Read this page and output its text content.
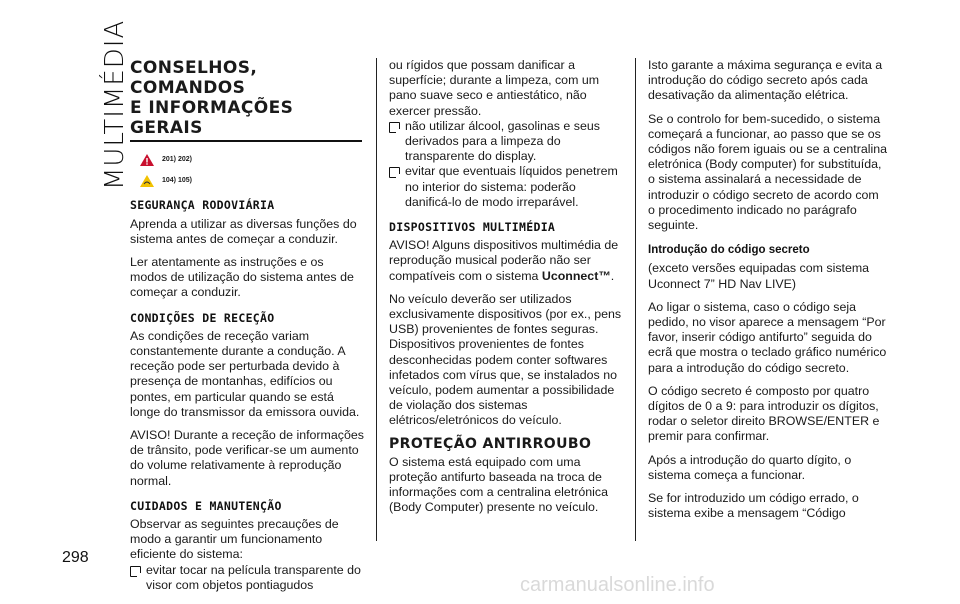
MULTIMÉDIA
298
CONSELHOS, COMANDOS
E INFORMAÇÕES GERAIS
201) 202)
104) 105)
SEGURANÇA RODOVIÁRIA

Aprenda a utilizar as diversas funções do sistema antes de começar a conduzir.

Ler atentamente as instruções e os modos de utilização do sistema antes de começar a conduzir.

CONDIÇÕES DE RECEÇÃO

As condições de receção variam constantemente durante a condução. A receção pode ser perturbada devido à presença de montanhas, edifícios ou pontes, em particular quando se está longe do transmissor da emissora ouvida.

AVISO! Durante a receção de informações de trânsito, pode verificar-se um aumento do volume relativamente à reprodução normal.

CUIDADOS E MANUTENÇÃO

Observar as seguintes precauções de modo a garantir um funcionamento eficiente do sistema:

evitar tocar na película transparente do visor com objetos pontiagudos

ou rígidos que possam danificar a superfície; durante a limpeza, com um pano suave seco e antiestático, não exercer pressão.

não utilizar álcool, gasolinas e seus derivados para a limpeza do transparente do display.
evitar que eventuais líquidos penetrem no interior do sistema: poderão danificá-lo de modo irreparável.
DISPOSITIVOS MULTIMÉDIA

AVISO! Alguns dispositivos multimédia de reprodução musical poderão não ser compatíveis com o sistema Uconnect™.

No veículo deverão ser utilizados exclusivamente dispositivos (por ex., pens USB) provenientes de fontes seguras. Dispositivos provenientes de fontes desconhecidas podem conter softwares infetados com vírus que, se instalados no veículo, podem aumentar a possibilidade de violação dos sistemas elétricos/eletrónicos do veículo.

PROTEÇÃO ANTIRROUBO

O sistema está equipado com uma proteção antifurto baseada na troca de informações com a centralina eletrónica (Body Computer) presente no veículo.

Isto garante a máxima segurança e evita a introdução do código secreto após cada desativação da alimentação elétrica.

Se o controlo for bem-sucedido, o sistema começará a funcionar, ao passo que se os códigos não forem iguais ou se a centralina eletrónica (Body computer) for substituída, o sistema assinalará a necessidade de introduzir o código secreto de acordo com o procedimento indicado no parágrafo seguinte.

Introdução do código secreto

(exceto versões equipadas com sistema Uconnect 7” HD Nav LIVE)

Ao ligar o sistema, caso o código seja pedido, no visor aparece a mensagem “Por favor, inserir código antifurto” seguida do ecrã que mostra o teclado gráfico numérico para a introdução do código secreto.

O código secreto é composto por quatro dígitos de 0 a 9: para introduzir os dígitos, rodar o seletor direito BROWSE/ENTER e premir para confirmar.

Após a introdução do quarto dígito, o sistema começa a funcionar.

Se for introduzido um código errado, o sistema exibe a mensagem “Código

carmanualsonline.info
